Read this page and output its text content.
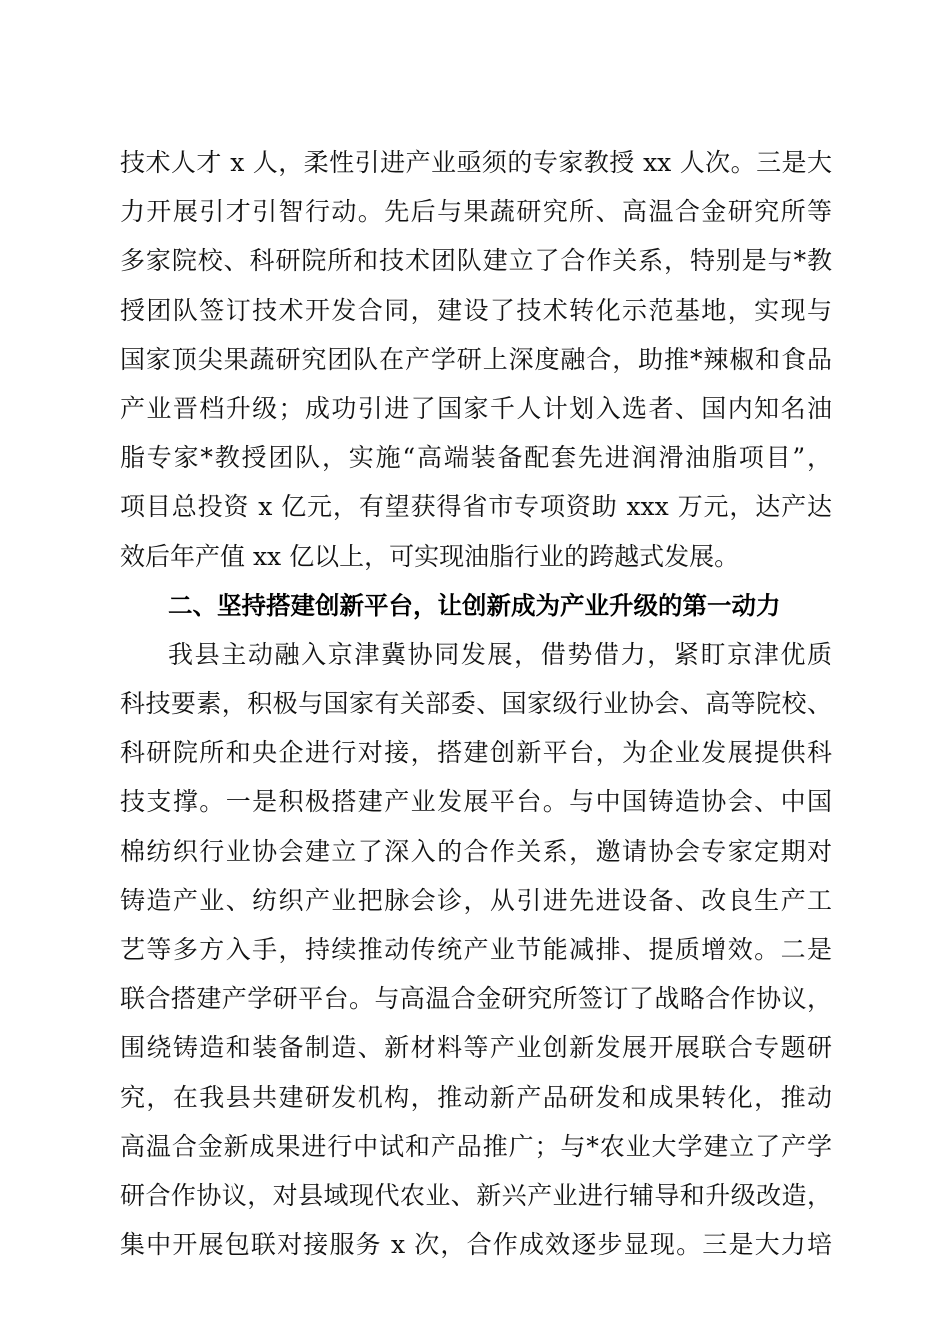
技术人才 x 人，柔性引进产业亟须的专家教授 xx 人次。三是大
力开展引才引智行动。先后与果蔬研究所、高温合金研究所等
多家院校、科研院所和技术团队建立了合作关系，特别是与*教
授团队签订技术开发合同，建设了技术转化示范基地，实现与
国家顶尖果蔬研究团队在产学研上深度融合，助推*辣椒和食品
产业晋档升级；成功引进了国家千人计划入选者、国内知名油
脂专家*教授团队，实施“高端装备配套先进润滑油脂项目”，
项目总投资 x 亿元，有望获得省市专项资助 xxx 万元，达产达
效后年产值 xx 亿以上，可实现油脂行业的跨越式发展。
二、坚持搭建创新平台，让创新成为产业升级的第一动力
我县主动融入京津冀协同发展，借势借力，紧盯京津优质
科技要素，积极与国家有关部委、国家级行业协会、高等院校、
科研院所和央企进行对接，搭建创新平台，为企业发展提供科
技支撑。一是积极搭建产业发展平台。与中国铸造协会、中国
棉纺织行业协会建立了深入的合作关系，邀请协会专家定期对
铸造产业、纺织产业把脉会诊，从引进先进设备、改良生产工
艺等多方入手，持续推动传统产业节能减排、提质增效。二是
联合搭建产学研平台。与高温合金研究所签订了战略合作协议，
围绕铸造和装备制造、新材料等产业创新发展开展联合专题研
究，在我县共建研发机构，推动新产品研发和成果转化，推动
高温合金新成果进行中试和产品推广；与*农业大学建立了产学
研合作协议，对县域现代农业、新兴产业进行辅导和升级改造，
集中开展包联对接服务 x 次，合作成效逐步显现。三是大力培
